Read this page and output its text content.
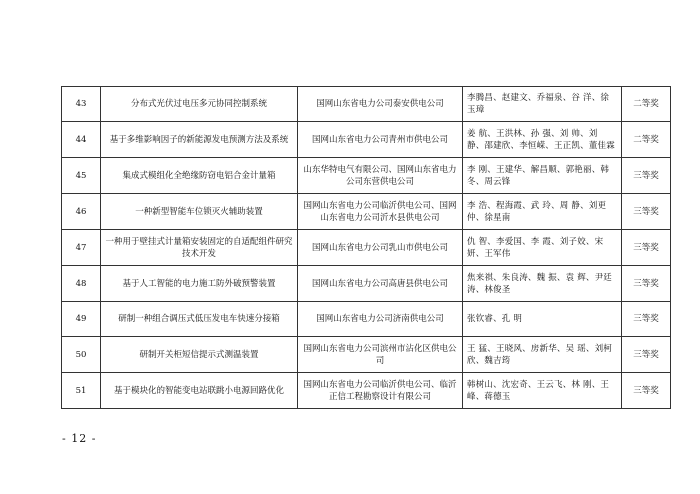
43	分布式光伏过电压多元协同控制系统	国网山东省电力公司泰安供电公司	李腾昌、赵建文、乔福泉、谷 洋、徐玉璋	二等奖
44	基于多维影响因子的新能源发电预测方法及系统	国网山东省电力公司青州市供电公司	姜 航、王洪林、孙 强、刘 帅、刘 静、邵建欣、李恒嵘、王正凯、董佳霖	二等奖
45	集成式模组化全绝缘防窃电铝合金计量箱	山东华特电气有限公司、国网山东省电力公司东营供电公司	李 刚、王建华、解昌顺、郭艳丽、韩 冬、周云锋	三等奖
46	一种新型智能车位锁灭火辅助装置	国网山东省电力公司临沂供电公司、国网山东省电力公司沂水县供电公司	李 浩、程海霞、武 玲、周 静、刘更仲、徐星南	三等奖
47	一种用于壁挂式计量箱安装固定的自适配组件研究技术开发	国网山东省电力公司乳山市供电公司	仇 智、李爱国、李 霞、刘子姣、宋 妍、王军伟	三等奖
48	基于人工智能的电力施工防外破预警装置	国网山东省电力公司高唐县供电公司	焦来祺、朱良涛、魏 振、袁 辉、尹廷涛、林俊圣	三等奖
49	研制一种组合调压式低压发电车快速分接箱	国网山东省电力公司济南供电公司	张钦睿、孔 明	三等奖
50	研制开关柜短信提示式测温装置	国网山东省电力公司滨州市沾化区供电公司	王 猛、王晓风、房新华、吴 瑶、刘柯欣、魏吉筠	三等奖
51	基于模块化的智能变电站联跳小电源回路优化	国网山东省电力公司临沂供电公司、临沂正信工程勘察设计有限公司	韩树山、沈宏奇、王云飞、林 刚、王 峰、蒋德玉	三等奖
- 12 -
